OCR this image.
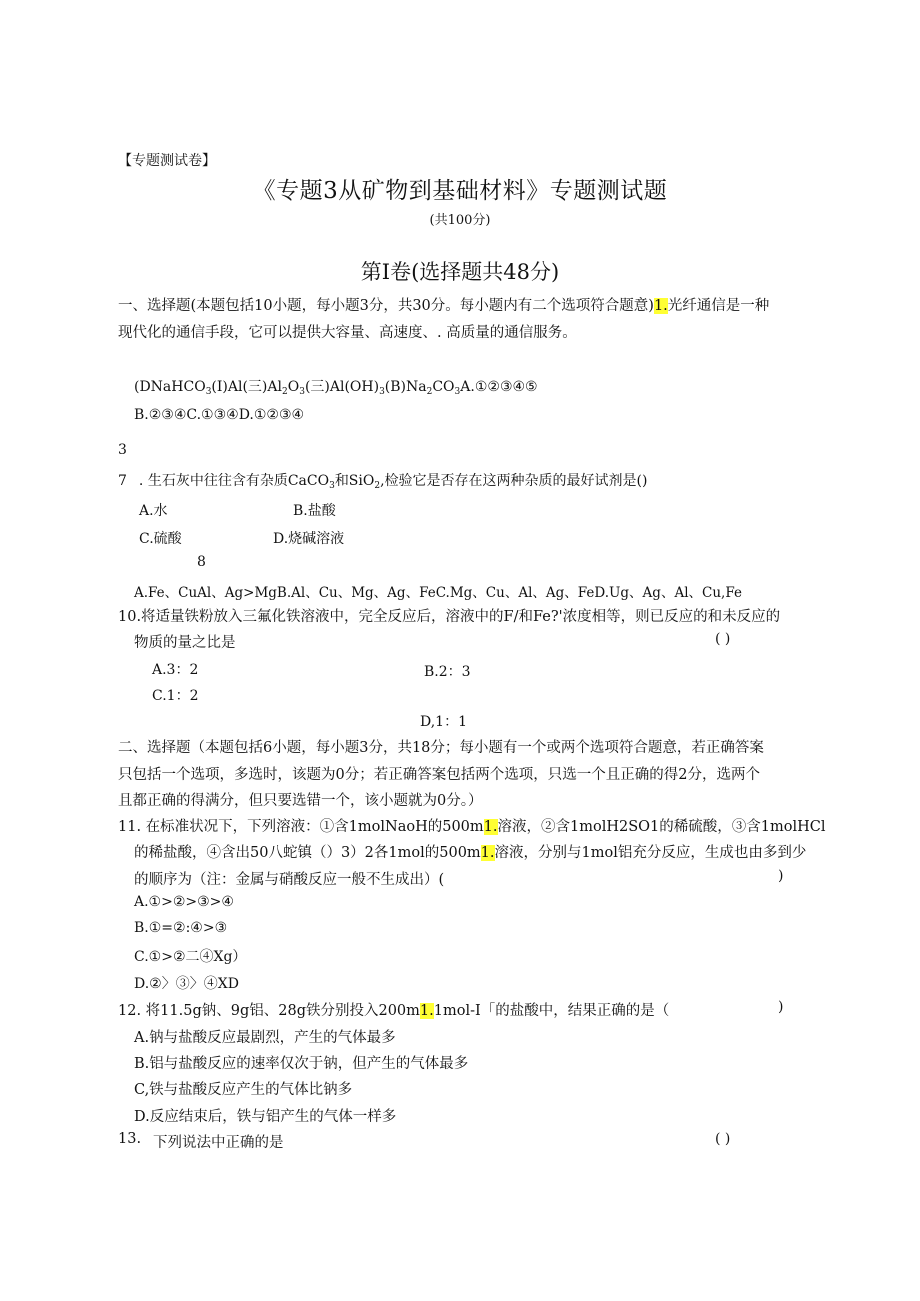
【专题测试卷】
《专题3从矿物到基础材料》专题测试题
(共100分)
第I卷(选择题共48分)
一、选择题(本题包括10小题，每小题3分，共30分。每小题内有二个选项符合题意)1.光纤通信是一种
现代化的通信手段，它可以提供大容量、高速度、. 高质量的通信服务。
(DNaHCO$_3$(I)Al(三)$Al_2O_3$(三)$Al(OH)_3(B)Na_2CO_3A.①②③④⑤$
B.②③④C.①③④D.①②③④
3
7 . 生石灰中往往含有杂质CaCO$_3$和SiO$_2$,检验它是否存在这两种杂质的最好试剂是()
A.水	B.盐酸
C.硫酸	D.烧碱溶液
8
A.Fe、CuAl、Ag>MgB.Al、Cu、Mg、Ag、FeC.Mg、Cu、Al、Ag、FeD.Ug、Ag、Al、Cu,Fe
10.将适量铁粉放入三氟化铁溶液中，完全反应后，溶液中的F/和Fe?'浓度相等，则已反应的和未反应的
物质的量之比是	( )
A.3：2	B.2：3
C.1：2
D,1：1
二、选择题（本题包括6小题，每小题3分，共18分；每小题有一个或两个选项符合题意，若正确答案
只包括一个选项，多选时，该题为0分；若正确答案包括两个选项，只选一个且正确的得2分，选两个
且都正确的得满分，但只要选错一个，该小题就为0分。）
11. 在标准状况下，下列溶液：①含1molNaoH的500m1.溶液，②含1molH2SO1的稀硫酸，③含1molHCl
的稀盐酸，④含出50八蛇镇（）3）2各1mol的500m1.溶液，分别与1mol铝充分反应，生成也由多到少
的顺序为（注：金属与硝酸反应一般不生成出）(	)
A.①>②>③>④
B.①=②:④>③
C.①>②二④Xg）
D.②〉③〉④XD
12. 将11.5g钠、9g铝、28g铁分别投入200m1.1mol-I「的盐酸中，结果正确的是（	)
A.钠与盐酸反应最剧烈，产生的气体最多
B.铝与盐酸反应的速率仅次于钠，但产生的气体最多
C,铁与盐酸反应产生的气体比钠多
D.反应结束后，铁与铝产生的气体一样多
13. 下列说法中正确的是	( )
